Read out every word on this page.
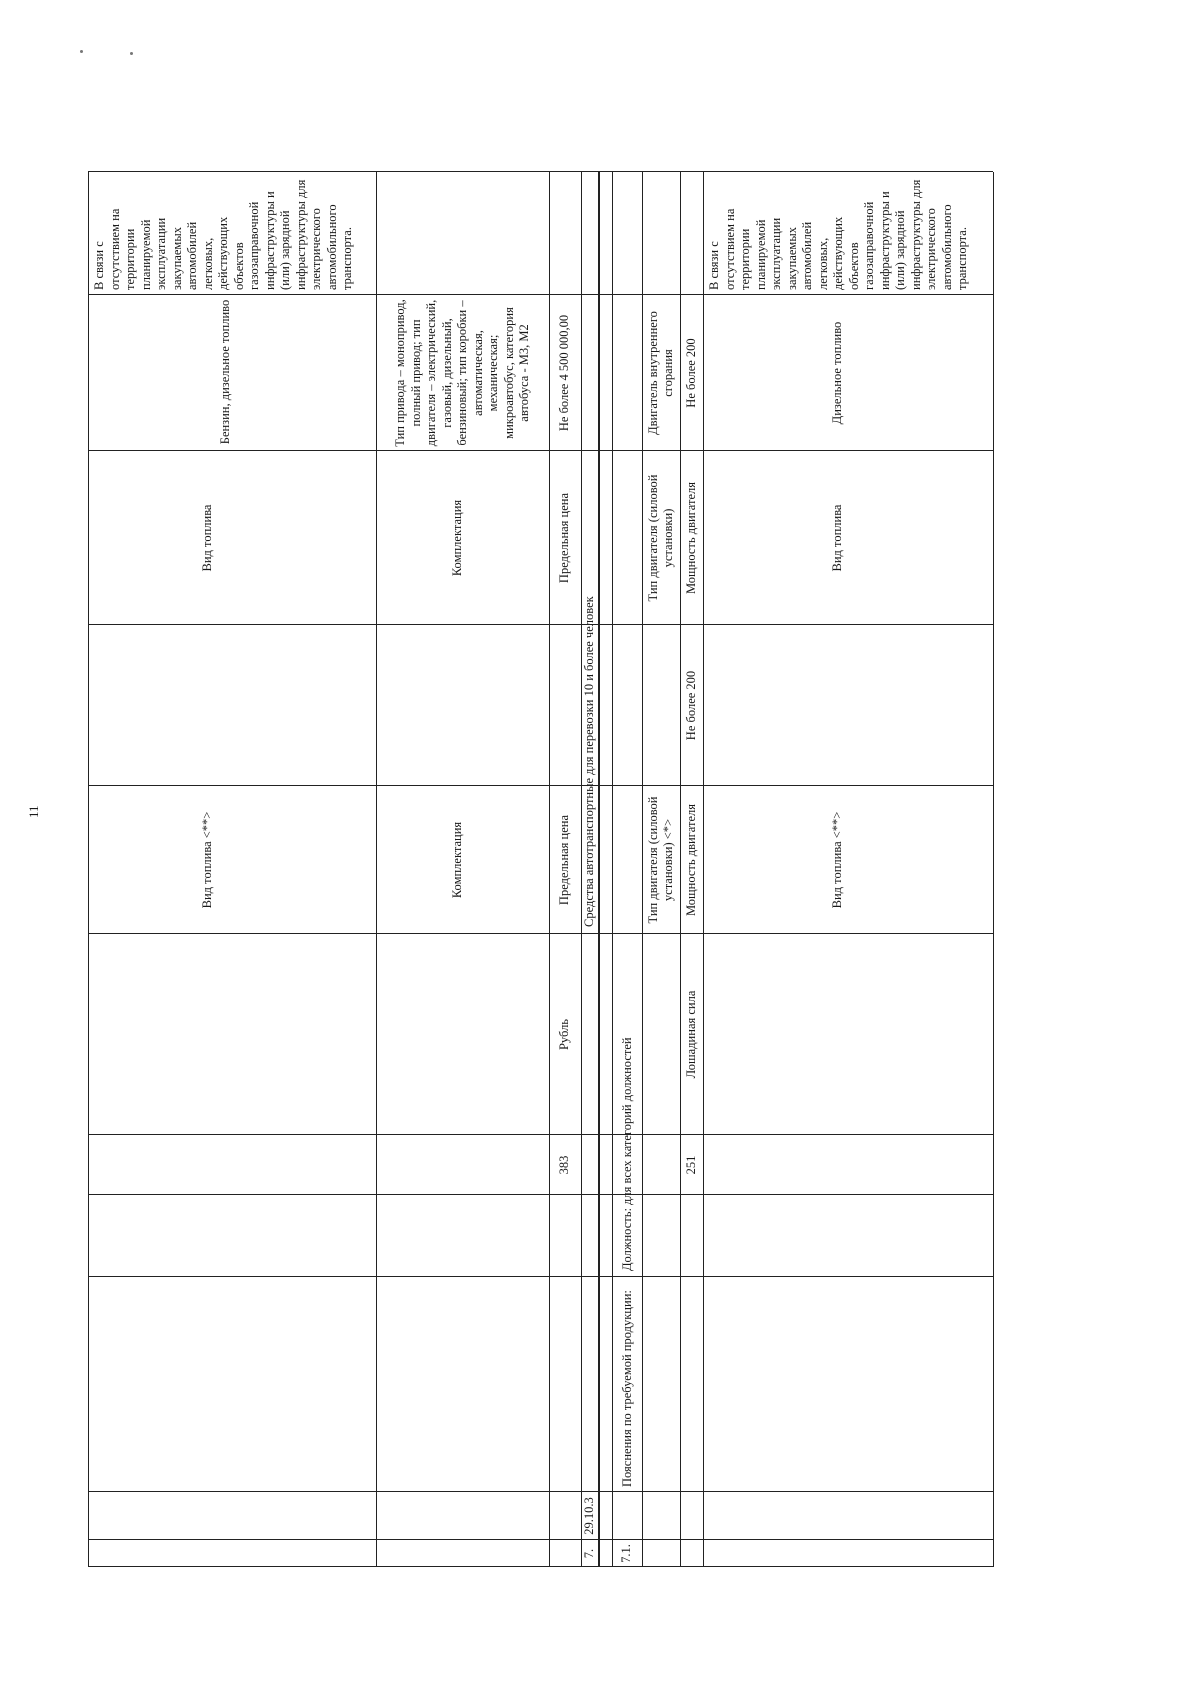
11	Вид топлива <**>
Вид топлива
Бензин, дизельное топливо
В связи с отсутствием на территории планируемой эксплуатации закупаемых автомобилей легковых, действующих объектов газозаправочной инфраструктуры и (или) зарядной инфраструктуры для электрического автомобильного транспорта.
Комплектация
Комплектация
Тип привода – монопривод, полный привод; тип двигателя – электрический, газовый, дизельный, бензиновый; тип коробки – автоматическая, механическая; микроавтобус, категория автобуса - М3, М2
383
Рубль
Предельная цена
Предельная цена
Не более 4 500 000,00
7.
29.10.3
Средства автотранспортные для перевозки 10 и более человек
7.1.
Пояснения по требуемой продукции:
Должность: для всех категорий должностей
Тип двигателя (силовой установки) <*>
Тип двигателя (силовой установки)
Двигатель внутреннего сгорания
251
Лошадиная сила
Мощность двигателя
Не более 200
Мощность двигателя
Не более 200
Вид топлива <**>
Вид топлива
Дизельное топливо
В связи с отсутствием на территории планируемой эксплуатации закупаемых автомобилей легковых, действующих объектов газозаправочной инфраструктуры и (или) зарядной инфраструктуры для электрического автомобильного транспорта.
